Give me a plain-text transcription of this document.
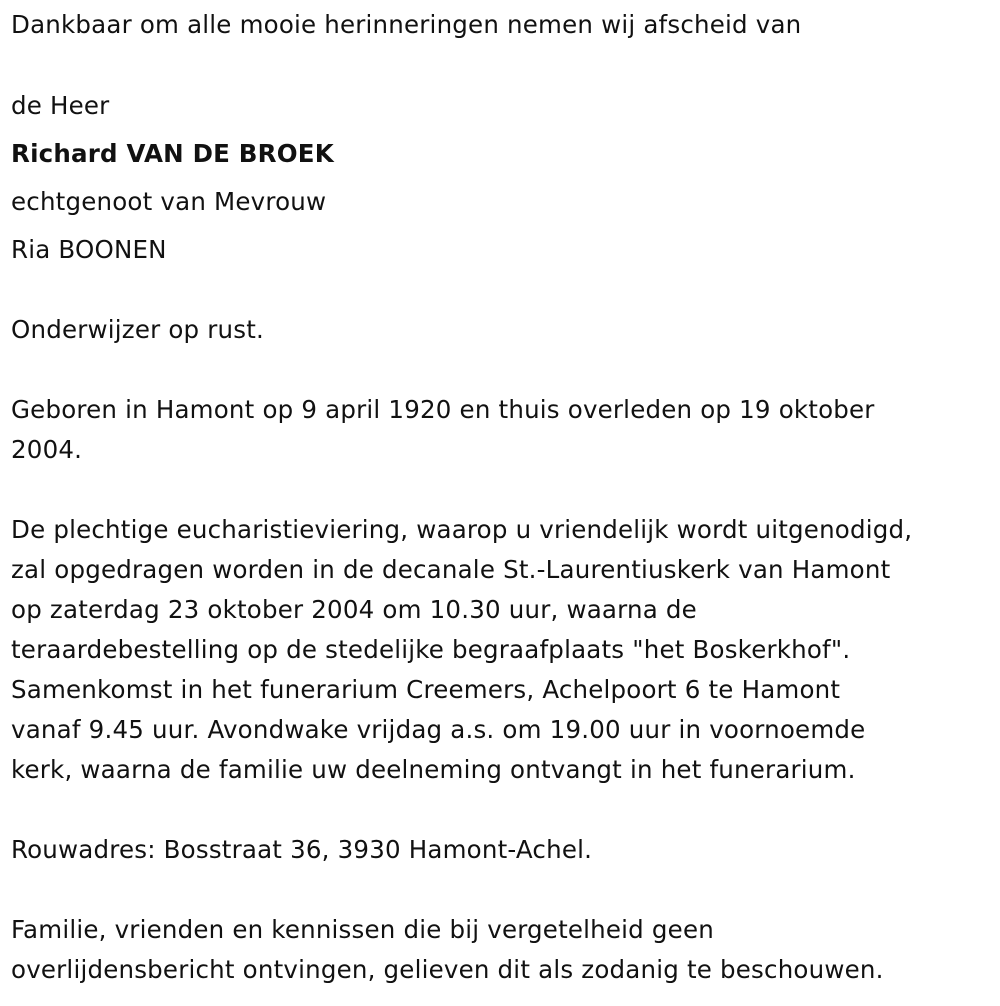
Dankbaar om alle mooie herinneringen nemen wij afscheid van
de Heer
Richard VAN DE BROEK
echtgenoot van Mevrouw
Ria BOONEN
Onderwijzer op rust.
Geboren in Hamont op 9 april 1920 en thuis overleden op 19 oktober
2004.
De plechtige eucharistieviering, waarop u vriendelijk wordt uitgenodigd,
zal opgedragen worden in de decanale St.-Laurentiuskerk van Hamont
op zaterdag 23 oktober 2004 om 10.30 uur, waarna de
teraardebestelling op de stedelijke begraafplaats "het Boskerkhof".
Samenkomst in het funerarium Creemers, Achelpoort 6 te Hamont
vanaf 9.45 uur. Avondwake vrijdag a.s. om 19.00 uur in voornoemde
kerk, waarna de familie uw deelneming ontvangt in het funerarium.
Rouwadres: Bosstraat 36, 3930 Hamont-Achel.
Familie, vrienden en kennissen die bij vergetelheid geen
overlijdensbericht ontvingen, gelieven dit als zodanig te beschouwen.
